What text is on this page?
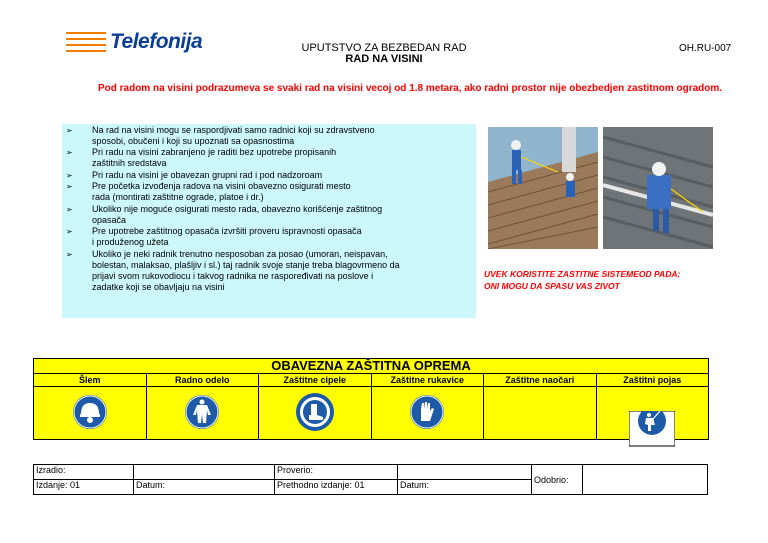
Telefonija	UPUTSTVO ZA BEZBEDAN RAD
RAD NA VISINI
OH.RU-007
Pod radom na visini podrazumeva se svaki rad na visini vecoj od 1.8 metara, ako radni prostor nije obezbedjen zastitnom ogradom.
➢ Na rad na visini mogu se raspordjivati samo radnici koji su zdravstveno
sposobi, obučeni i koji su upoznati sa opasnostima
➢ Pri radu na visini zabranjeno je raditi bez upotrebe propisanih
zaštitnih sredstava
➢ Pri radu na visini je obavezan grupni rad i pod nadzoroam
➢ Pre početka izvođenja radova na visini obavezno osigurati mesto
rada (montirati zaštitne ograde, platoe i dr.)
➢ Ukoliko nije moguće osigurati mesto rada, obavezno korišćenje zaštitnog
opasača
➢ Pre upotrebe zaštitnog opasača izvršiti proveru ispravnosti opasača
i produženog užeta
➢ Ukoliko je neki radnik trenutno nesposoban za posao (umoran, neispavan,
bolestan, malaksao, plašljiv i sl.) taj radnik svoje stanje treba blagovrmeno da
prijavi svom rukovodiocu i takvog radnika ne raspoređivati na poslove i
zadatke koji se obavljaju na visini
UVEK KORISTITE ZASTITNE SISTEMEOD PADA:
ONI MOGU DA SPASU VAS ZIVOT
OBAVEZNA ZAŠTITNA OPREMA
Šlem	Radno odelo	Zaštitne cipele	Zaštitne rukavice	Zaštitne naočari	Zaštitni pojas
Izradio:		Proverio:		Odobrio:	
Izdanje: 01	Datum:	Prethodno izdanje: 01	Datum:		
